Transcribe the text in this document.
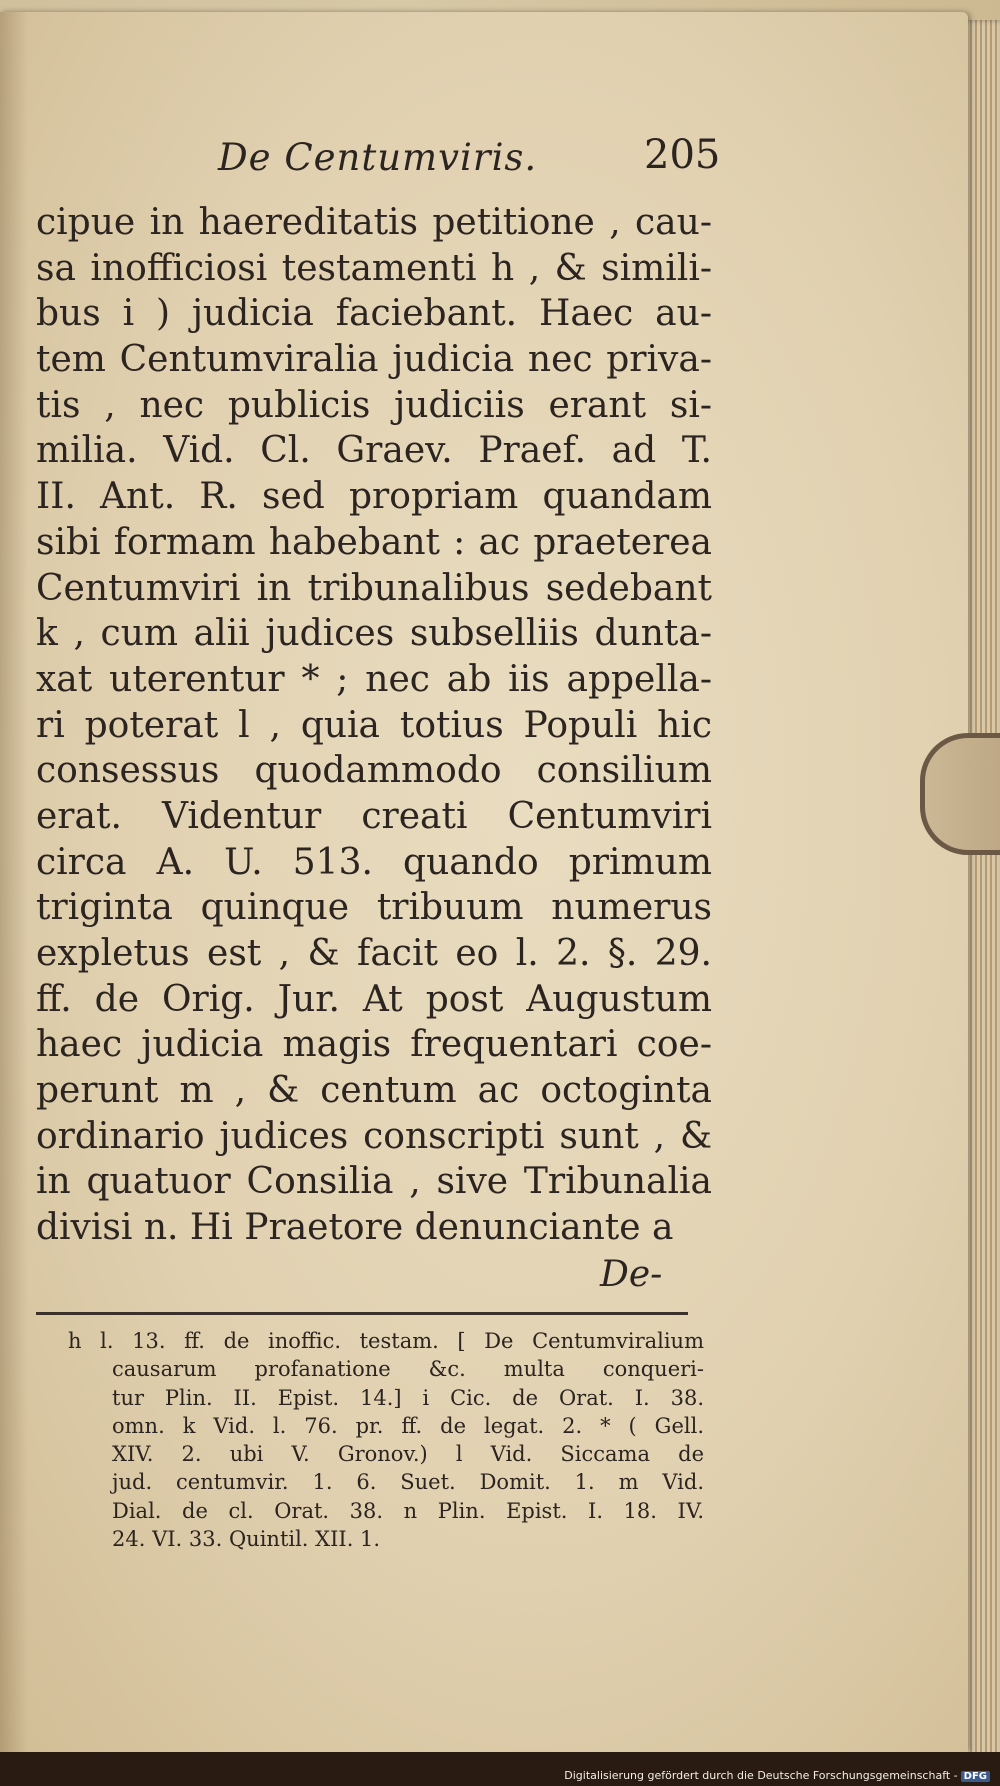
De Centumviris.	205
cipue in haereditatis petitione , cau-
sa inofficiosi testamenti h , & simili-
bus i ) judicia faciebant. Haec au-
tem Centumviralia judicia nec priva-
tis , nec publicis judiciis erant si-
milia. Vid. Cl. Graev. Praef. ad T.
II. Ant. R. sed propriam quandam
sibi formam habebant : ac praeterea
Centumviri in tribunalibus sedebant
k , cum alii judices subselliis dunta-
xat uterentur * ; nec ab iis appella-
ri poterat l , quia totius Populi hic
consessus quodammodo consilium
erat. Videntur creati Centumviri
circa A. U. 513. quando primum
triginta quinque tribuum numerus
expletus est , & facit eo l. 2. §. 29.
ff. de Orig. Jur. At post Augustum
haec judicia magis frequentari coe-
perunt m , & centum ac octoginta
ordinario judices conscripti sunt , &
in quatuor Consilia , sive Tribunalia
divisi n. Hi Praetore denunciante a
De-
h l. 13. ff. de inoffic. testam. [ De Centumviralium
causarum profanatione &c. multa conqueri-
tur Plin. II. Epist. 14.] i Cic. de Orat. I. 38.
omn. k Vid. l. 76. pr. ff. de legat. 2. * ( Gell.
XIV. 2. ubi V. Gronov.) l Vid. Siccama de
jud. centumvir. 1. 6. Suet. Domit. 1. m Vid.
Dial. de cl. Orat. 38. n Plin. Epist. I. 18. IV.
24. VI. 33. Quintil. XII. 1.
Digitalisierung gefördert durch die Deutsche Forschungsgemeinschaft - DFG
